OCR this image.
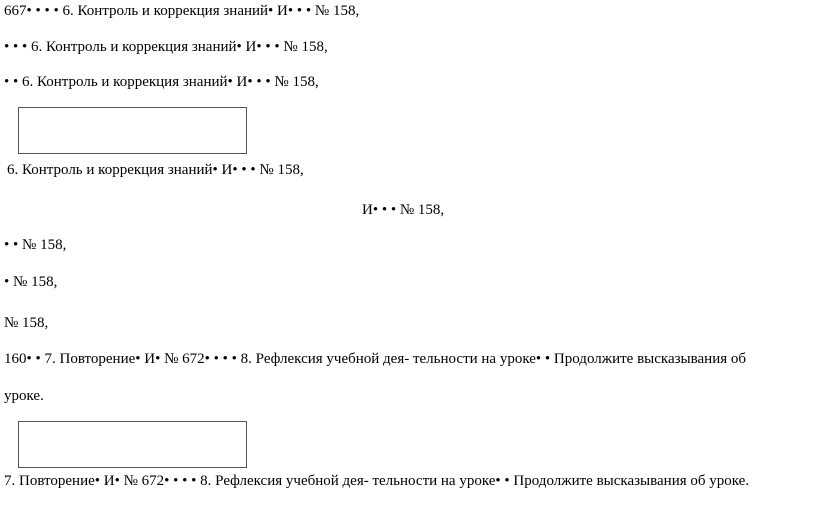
667• • • • 6. Контроль и коррекция знаний• И• • • № 158,
• • • 6. Контроль и коррекция знаний• И• • • № 158,
• • 6. Контроль и коррекция знаний• И• • • № 158,
6. Контроль и коррекция знаний• И• • • № 158,
И• • • № 158,
• • № 158,
• № 158,
№ 158,
160• • 7. Повторение• И• № 672• • • • 8. Рефлексия учебной дея- тельности на уроке• • Продолжите высказывания об
уроке.
7. Повторение• И• № 672• • • • 8. Рефлексия учебной дея- тельности на уроке• • Продолжите высказывания об уроке.
